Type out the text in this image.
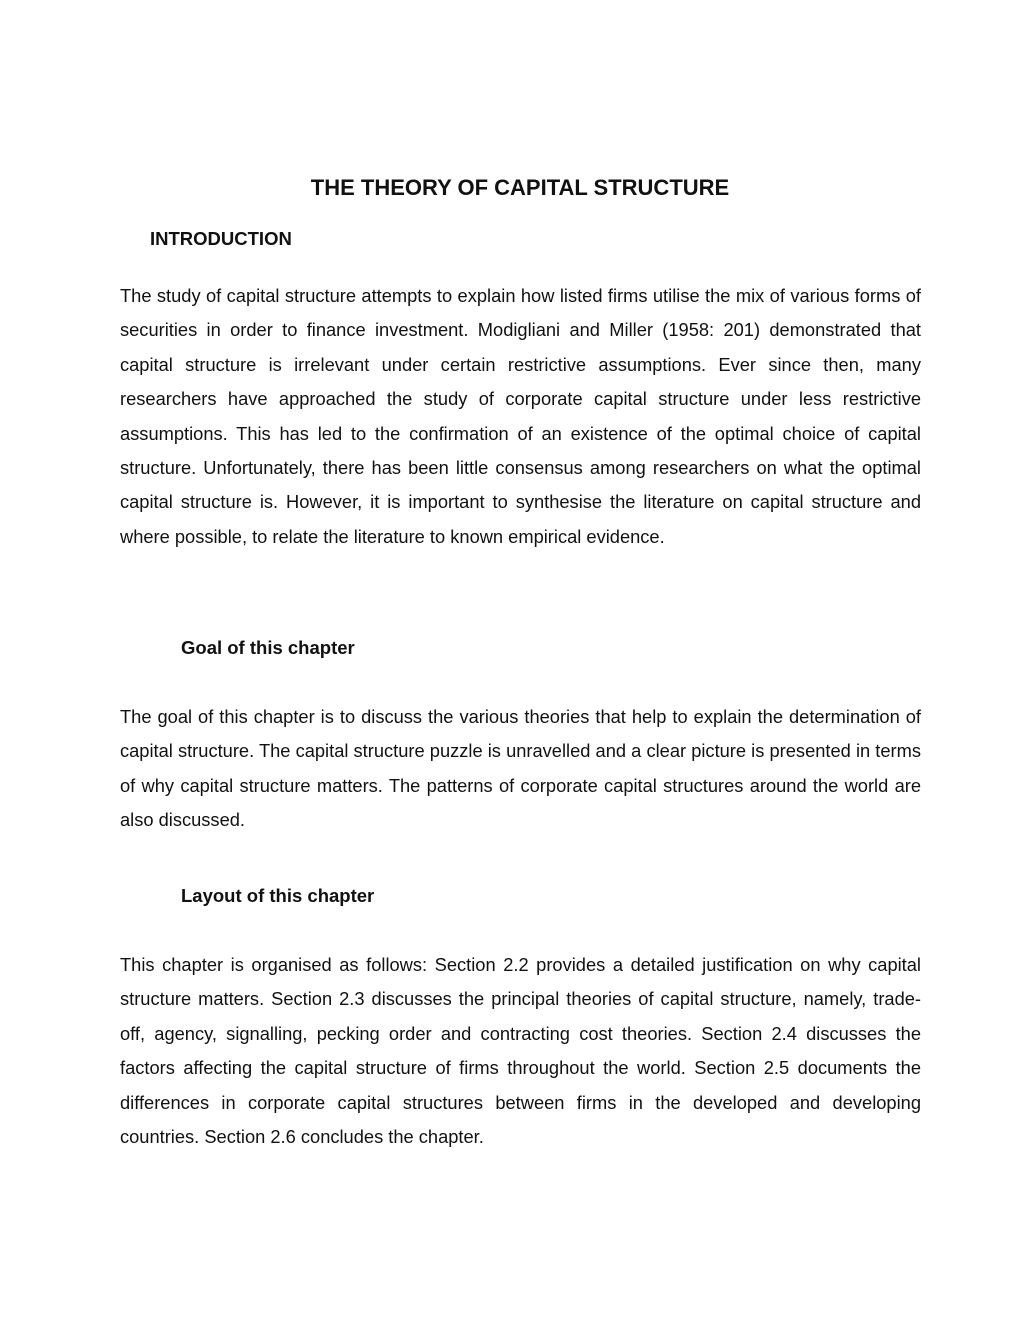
THE THEORY OF CAPITAL STRUCTURE
INTRODUCTION

The study of capital structure attempts to explain how listed firms utilise the mix of various forms of securities in order to finance investment. Modigliani and Miller (1958: 201) demonstrated that capital structure is irrelevant under certain restrictive assumptions. Ever since then, many researchers have approached the study of corporate capital structure under less restrictive assumptions. This has led to the confirmation of an existence of the optimal choice of capital structure. Unfortunately, there has been little consensus among researchers on what the optimal capital structure is. However, it is important to synthesise the literature on capital structure and where possible, to relate the literature to known empirical evidence.

Goal of this chapter

The goal of this chapter is to discuss the various theories that help to explain the determination of capital structure. The capital structure puzzle is unravelled and a clear picture is presented in terms of why capital structure matters. The patterns of corporate capital structures around the world are also discussed.

Layout of this chapter

This chapter is organised as follows: Section 2.2 provides a detailed justification on why capital structure matters. Section 2.3 discusses the principal theories of capital structure, namely, trade-off, agency, signalling, pecking order and contracting cost theories. Section 2.4 discusses the factors affecting the capital structure of firms throughout the world. Section 2.5 documents the differences in corporate capital structures between firms in the developed and developing countries. Section 2.6 concludes the chapter.
